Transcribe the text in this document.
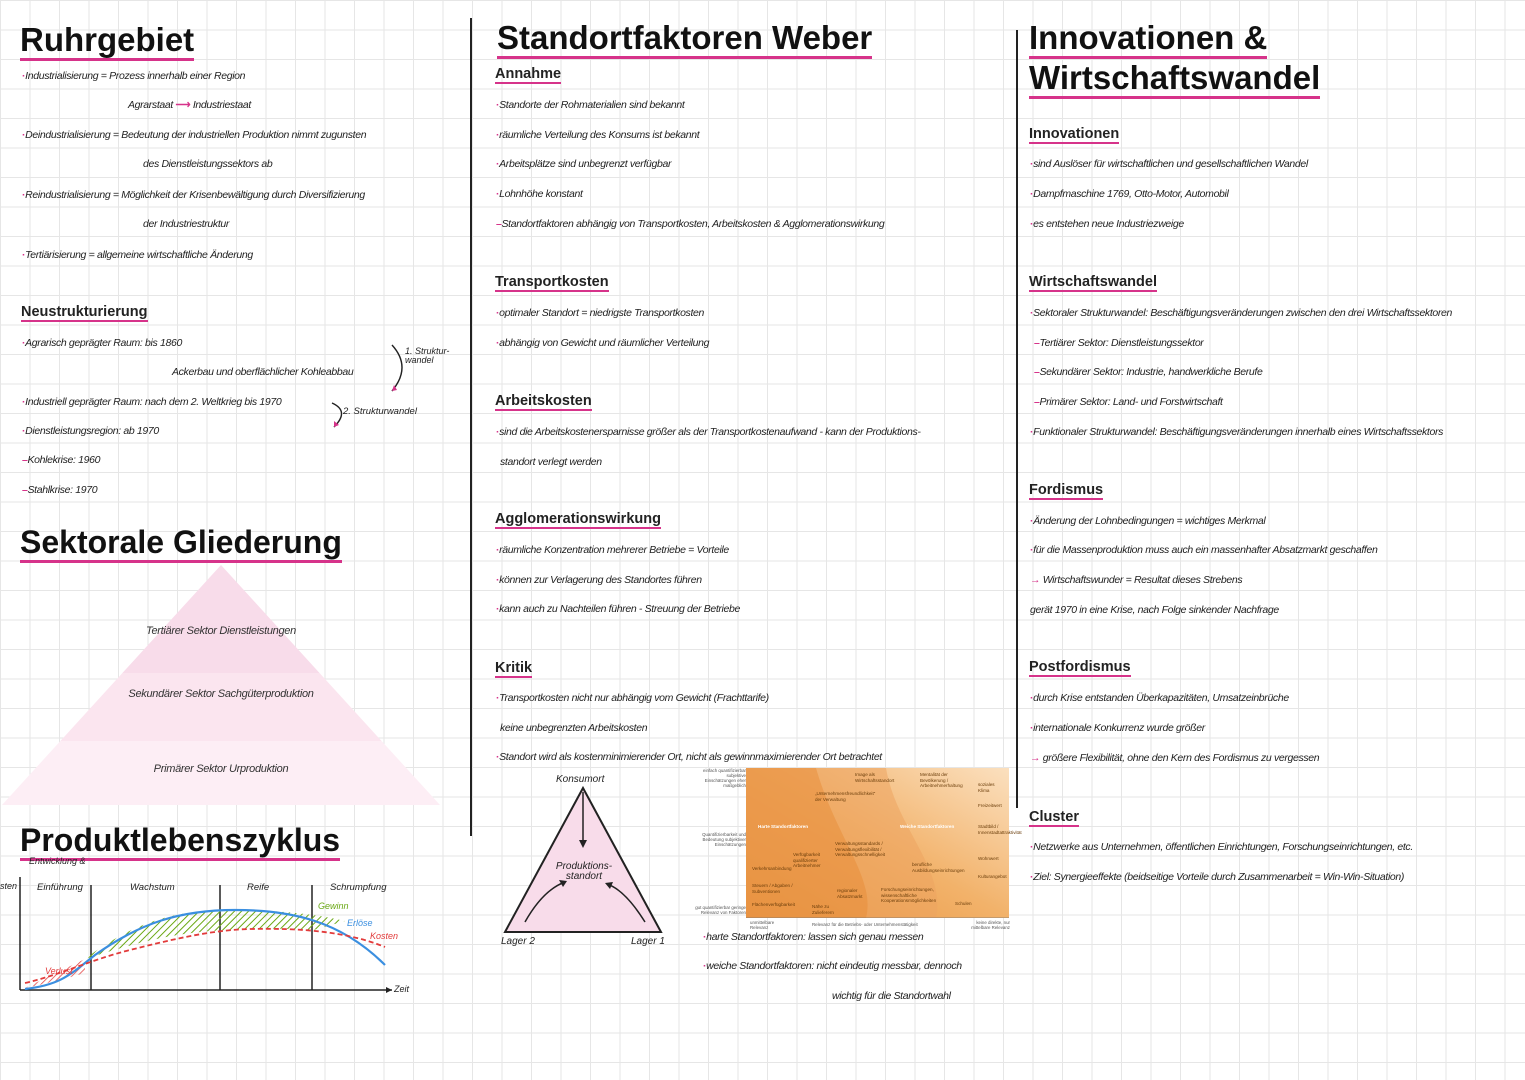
Ruhrgebiet
·Industrialisierung = Prozess innerhalb einer Region
Agrarstaat ⟶ Industriestaat
·Deindustrialisierung = Bedeutung der industriellen Produktion nimmt zugunsten
des Dienstleistungssektors ab
·Reindustrialisierung = Möglichkeit der Krisenbewältigung durch Diversifizierung
der Industriestruktur
·Tertiärisierung = allgemeine wirtschaftliche Änderung
Neustrukturierung
·Agrarisch geprägter Raum: bis 1860
Ackerbau und oberflächlicher Kohleabbau
·Industriell geprägter Raum: nach dem 2. Weltkrieg bis 1970
·Dienstleistungsregion: ab 1970
–Kohlekrise: 1960
–Stahlkrise: 1970
1. Struktur-wandel
2. Strukturwandel
Sektorale Gliederung
Tertiärer Sektor Dienstleistungen
Sekundärer Sektor Sachgüterproduktion
Primärer Sektor Urproduktion
Produktlebenszyklus
Entwicklung &
sten Einführung	Wachstum	Reife	Schrumpfung
Gewinn
Erlöse
Kosten
Verlust
Zeit
Standortfaktoren Weber
Annahme
·Standorte der Rohmaterialien sind bekannt
·räumliche Verteilung des Konsums ist bekannt
·Arbeitsplätze sind unbegrenzt verfügbar
·Lohnhöhe konstant
–Standortfaktoren abhängig von Transportkosten, Arbeitskosten & Agglomerationswirkung
Transportkosten
·optimaler Standort = niedrigste Transportkosten
·abhängig von Gewicht und räumlicher Verteilung
Arbeitskosten
·sind die Arbeitskostenersparnisse größer als der Transportkostenaufwand - kann der Produktions-
standort verlegt werden
Agglomerationswirkung
·räumliche Konzentration mehrerer Betriebe = Vorteile
·können zur Verlagerung des Standortes führen
·kann auch zu Nachteilen führen - Streuung der Betriebe
Kritik
·Transportkosten nicht nur abhängig vom Gewicht (Frachttarife)
keine unbegrenzten Arbeitskosten
·Standort wird als kostenminimierender Ort, nicht als gewinnmaximierender Ort betrachtet
Konsumort
Produktions-standort
Lager 2	Lager 1
Harte Standortfaktoren	Weiche Standortfaktoren
Image als Wirtschaftsstandort
Mentalität der Bevölkerung / Arbeitnehmerhaltung	soziales Klima
Freizeitwert
Stadtbild / Innenstadtattraktivität
Wohnwert
Kulturangebot
Schulen
berufliche Ausbildungseinrichtungen
Forschungseinrichtungen, wissenschaftliche Kooperationsmöglichkeiten
„Unternehmensfreundlichkeit“ der Verwaltung
Verwaltungsstandards / Verwaltungsflexibilität / Verwaltungsschnelligkeit
Verfügbarkeit qualifizierter Arbeitnehmer
regionaler Absatzmarkt
Verkehrsanbindung
Steuern / Abgaben / Subventionen
Nähe zu Zulieferern
Flächenverfügbarkeit
einfach quantifizierbar subjektive Einschätzungen eher maßgeblich
Quantifizierbarkeit und Bedeutung subjektiver Einschätzungen
gut quantifizierbar geringe Relevanz von Faktoren
Relevanz für die Betriebs- oder Unternehmenstätigkeit
unmittelbare Relevanz
keine direkte, nur mittelbare Relevanz
·harte Standortfaktoren: lassen sich genau messen
·weiche Standortfaktoren: nicht eindeutig messbar, dennoch
wichtig für die Standortwahl
Innovationen &
Wirtschaftswandel
Innovationen
·sind Auslöser für wirtschaftlichen und gesellschaftlichen Wandel
·Dampfmaschine 1769, Otto-Motor, Automobil
·es entstehen neue Industriezweige
Wirtschaftswandel
·Sektoraler Strukturwandel: Beschäftigungsveränderungen zwischen den drei Wirtschaftssektoren
–Tertiärer Sektor: Dienstleistungssektor
–Sekundärer Sektor: Industrie, handwerkliche Berufe
–Primärer Sektor: Land- und Forstwirtschaft
·Funktionaler Strukturwandel: Beschäftigungsveränderungen innerhalb eines Wirtschaftssektors
Fordismus
·Änderung der Lohnbedingungen = wichtiges Merkmal
·für die Massenproduktion muss auch ein massenhafter Absatzmarkt geschaffen
→ Wirtschaftswunder = Resultat dieses Strebens
gerät 1970 in eine Krise, nach Folge sinkender Nachfrage
Postfordismus
·durch Krise entstanden Überkapazitäten, Umsatzeinbrüche
·internationale Konkurrenz wurde größer
→ größere Flexibilität, ohne den Kern des Fordismus zu vergessen
Cluster
·Netzwerke aus Unternehmen, öffentlichen Einrichtungen, Forschungseinrichtungen, etc.
·Ziel: Synergieeffekte (beidseitige Vorteile durch Zusammenarbeit = Win-Win-Situation)
